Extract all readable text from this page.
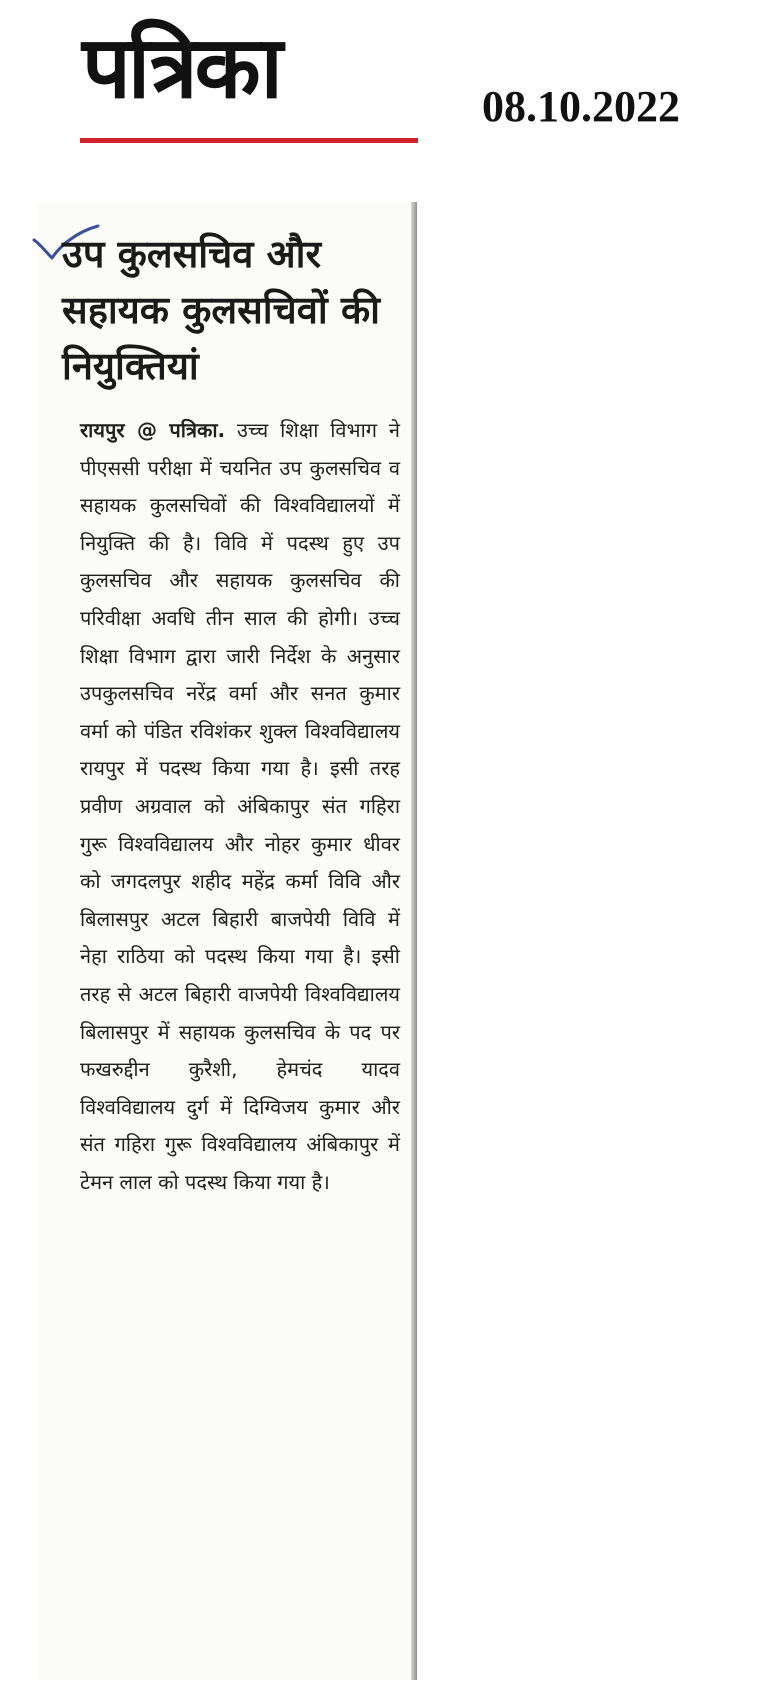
पत्रिका	08.10.2022
उप कुलसचिव और सहायक कुलसचिवों की नियुक्तियां

रायपुर @ पत्रिका. उच्च शिक्षा विभाग ने पीएससी परीक्षा में चयनित उप कुलसचिव व सहायक कुलसचिवों की विश्वविद्यालयों में नियुक्ति की है। विवि में पदस्थ हुए उप कुलसचिव और सहायक कुलसचिव की परिवीक्षा अवधि तीन साल की होगी। उच्च शिक्षा विभाग द्वारा जारी निर्देश के अनुसार उपकुलसचिव नरेंद्र वर्मा और सनत कुमार वर्मा को पंडित रविशंकर शुक्ल विश्वविद्यालय रायपुर में पदस्थ किया गया है। इसी तरह प्रवीण अग्रवाल को अंबिकापुर संत गहिरा गुरू विश्वविद्यालय और नोहर कुमार धीवर को जगदलपुर शहीद महेंद्र कर्मा विवि और बिलासपुर अटल बिहारी बाजपेयी विवि में नेहा राठिया को पदस्थ किया गया है। इसी तरह से अटल बिहारी वाजपेयी विश्वविद्यालय बिलासपुर में सहायक कुलसचिव के पद पर फखरुद्दीन कुरैशी, हेमचंद यादव विश्वविद्यालय दुर्ग में दिग्विजय कुमार और संत गहिरा गुरू विश्वविद्यालय अंबिकापुर में टेमन लाल को पदस्थ किया गया है।
